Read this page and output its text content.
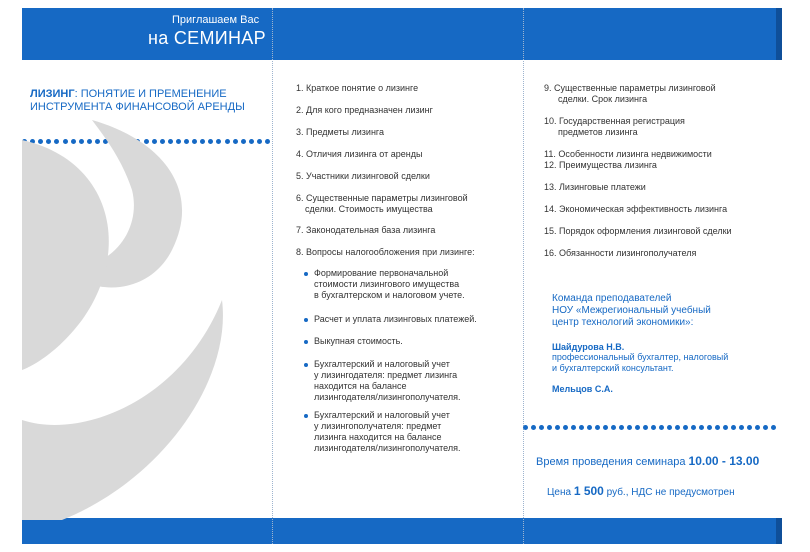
Приглашаем Вас
на СЕМИНАР
ЛИЗИНГ: ПОНЯТИЕ И ПРЕМЕНЕНИЕ
ИНСТРУМЕНТА ФИНАНСОВОЙ АРЕНДЫ
1. Краткое понятие о лизинге
2. Для кого предназначен лизинг
3. Предметы лизинга
4. Отличия лизинга от аренды
5. Участники лизинговой сделки
6. Существенные параметры лизинговой
сделки. Стоимость имущества
7. Законодательная база лизинга
8. Вопросы налогообложения при лизинге:
Формирование первоначальной
стоимости лизингового имущества
в бухгалтерском и налоговом учете.
Расчет и уплата лизинговых платежей.
Выкупная стоимость.
Бухгалтерский и налоговый учет
у лизингодателя: предмет лизинга
находится на балансе
лизингодателя/лизингополучателя.
Бухгалтерский и налоговый учет
у лизингополучателя: предмет
лизинга находится на балансе
лизингодателя/лизингополучателя.
9. Существенные параметры лизинговой
сделки. Срок лизинга
10. Государственная регистрация
предметов лизинга
11. Особенности лизинга недвижимости
12. Преимущества лизинга
13. Лизинговые платежи
14. Экономическая эффективность лизинга
15. Порядок оформления лизинговой сделки
16. Обязанности лизингополучателя
Команда преподавателей
НОУ «Межрегиональный учебный
центр технологий экономики»:
Шайдурова Н.В.
профессиональный бухгалтер, налоговый
и бухгалтерский консультант.
Мельцов С.А.
Время проведения семинара 10.00 - 13.00
Цена 1 500 руб., НДС не предусмотрен
